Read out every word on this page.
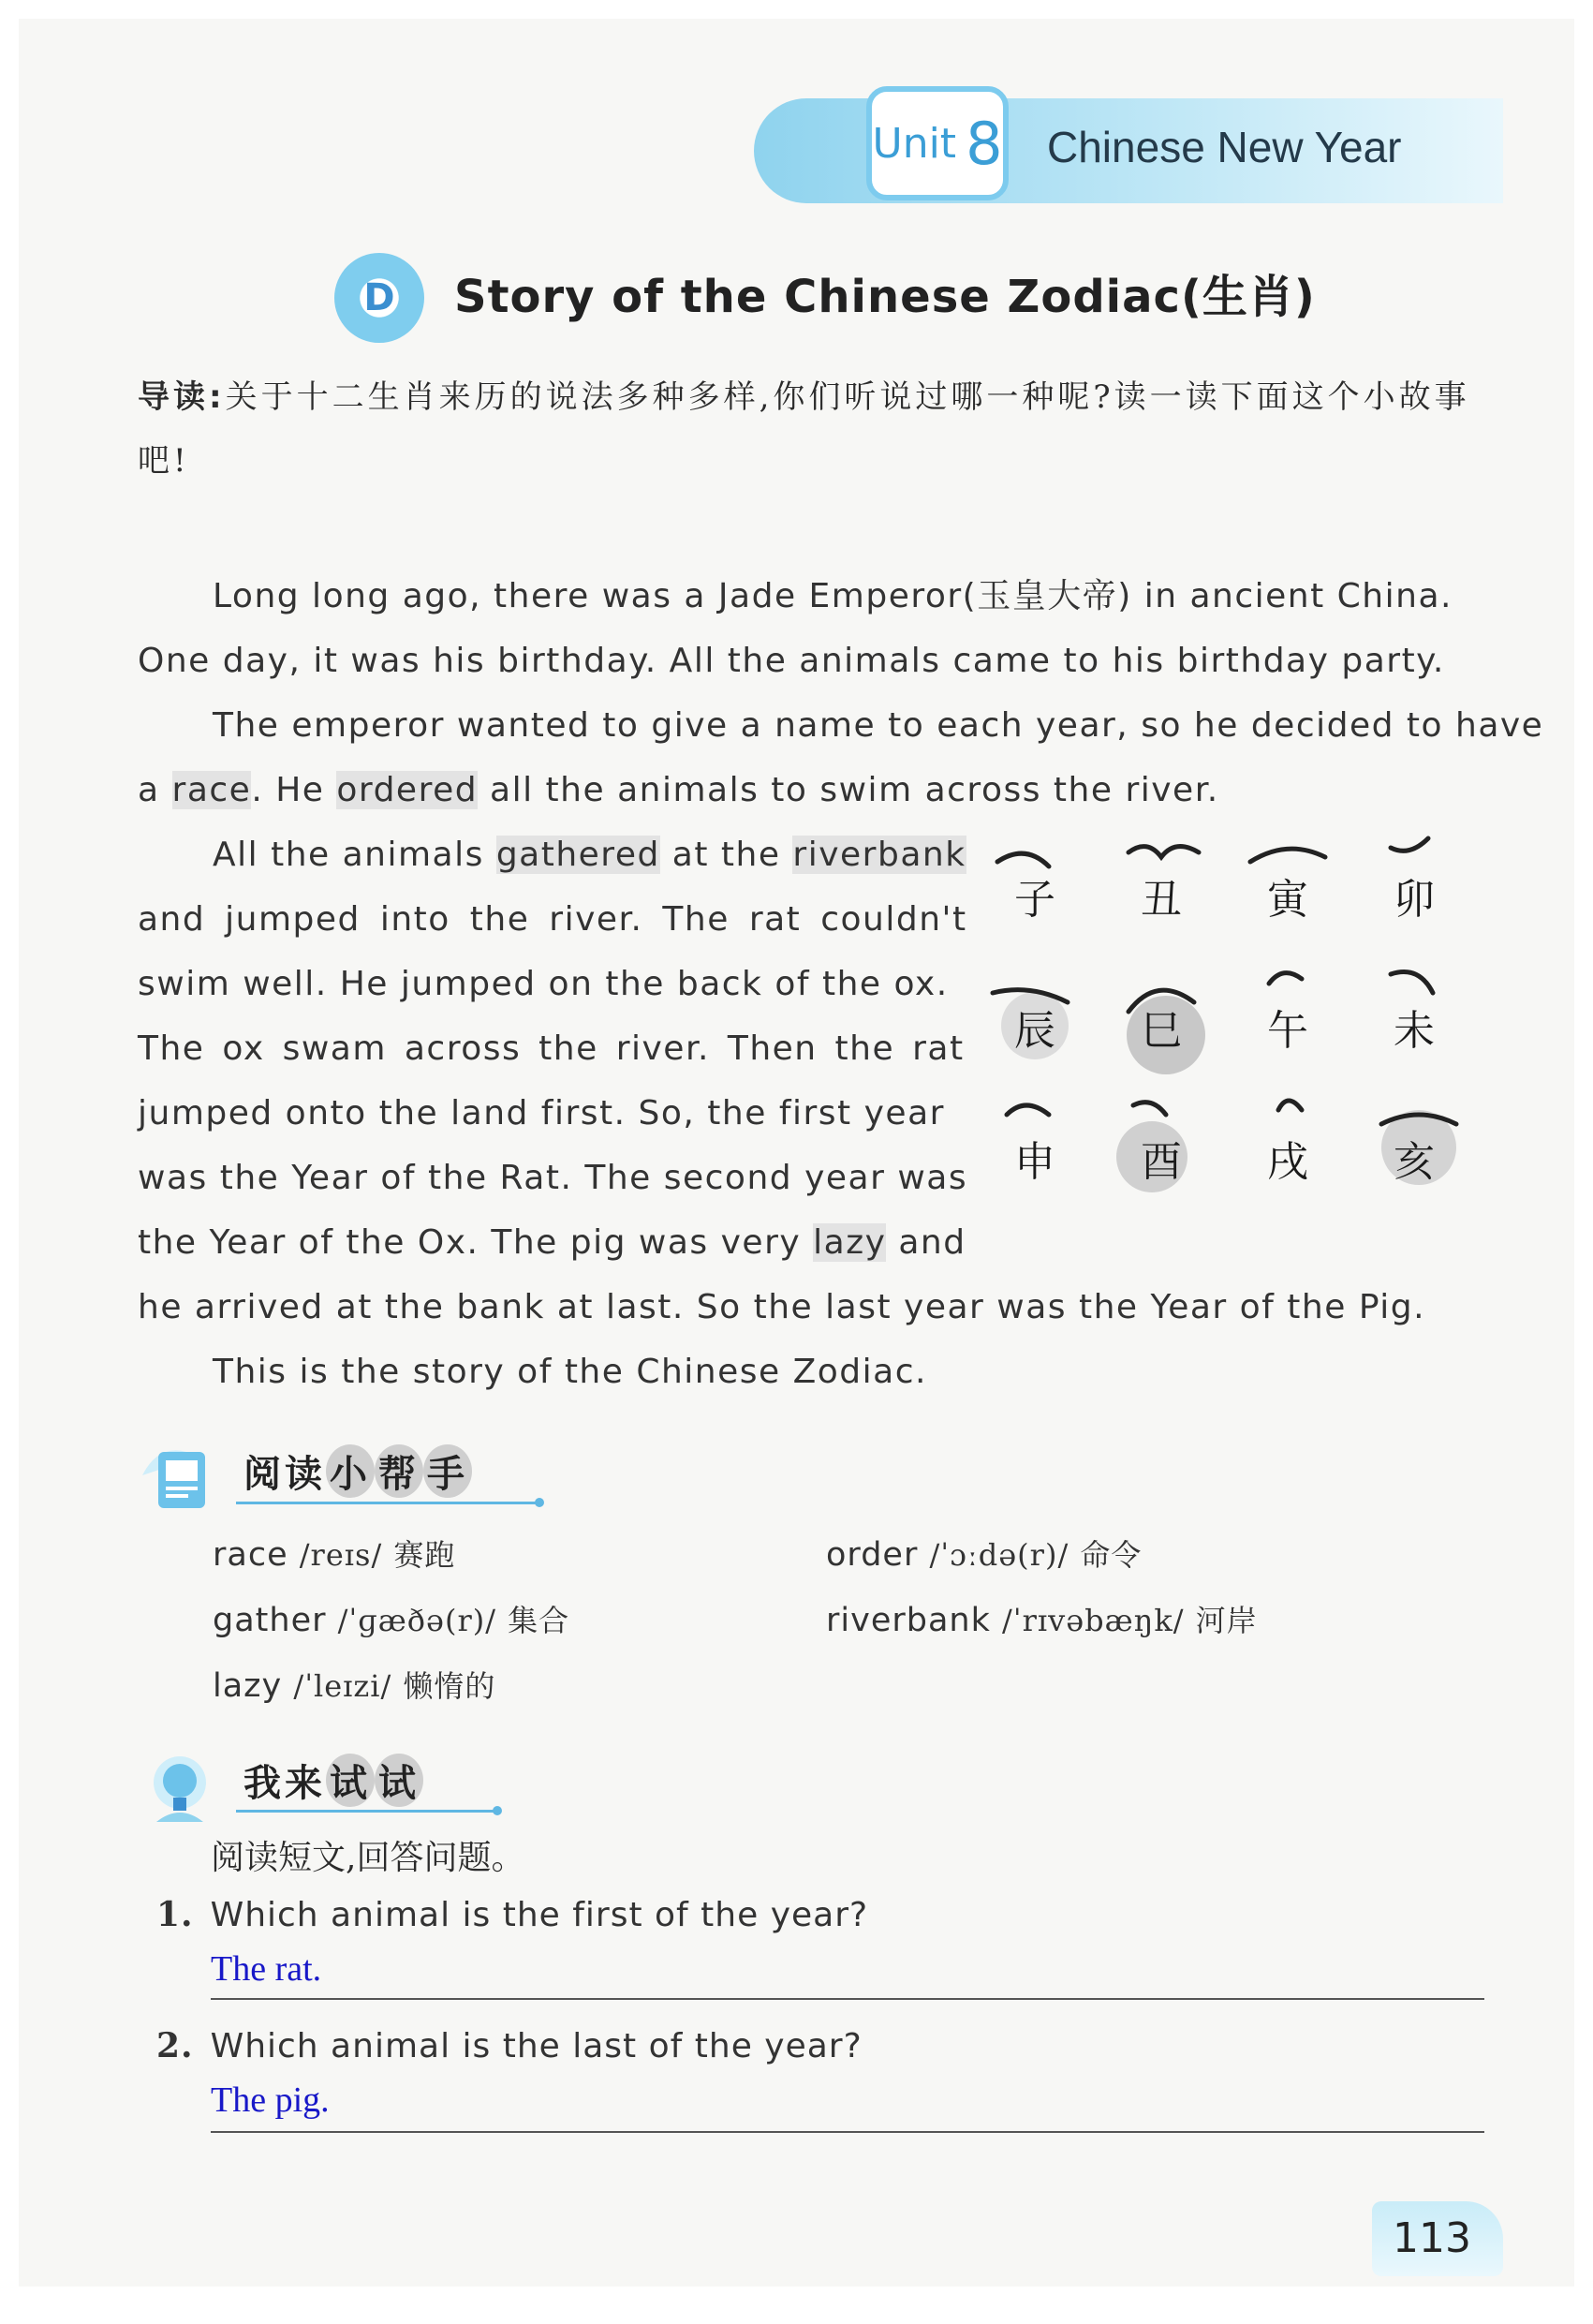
Unit 8 Chinese New Year
D Story of the Chinese Zodiac(生肖)
导读:关于十二生肖来历的说法多种多样,你们听说过哪一种呢?读一读下面这个小故事吧!
Long long ago, there was a Jade Emperor(玉皇大帝) in ancient China.
One day, it was his birthday. All the animals came to his birthday party.
The emperor wanted to give a name to each year, so he decided to have
a race. He ordered all the animals to swim across the river.
All the animals gathered at the riverbank
and jumped into the river. The rat couldn't
swim well. He jumped on the back of the ox.
The ox swam across the river. Then the rat
jumped onto the land first. So, the first year
was the Year of the Rat. The second year was
the Year of the Ox. The pig was very lazy and
he arrived at the bank at last. So the last year was the Year of the Pig.
This is the story of the Chinese Zodiac.
子 丑 寅 卯
辰 巳 午 未
申 酉 戌 亥
阅读 小 帮 手
race /reɪs/ 赛跑	order /ˈɔːdə(r)/ 命令
gather /ˈɡæðə(r)/ 集合	riverbank /ˈrɪvəbæŋk/ 河岸
lazy /ˈleɪzi/ 懒惰的
我来 试 试
阅读短文,回答问题。
1. Which animal is the first of the year?
The rat.
2. Which animal is the last of the year?
The pig.
113
